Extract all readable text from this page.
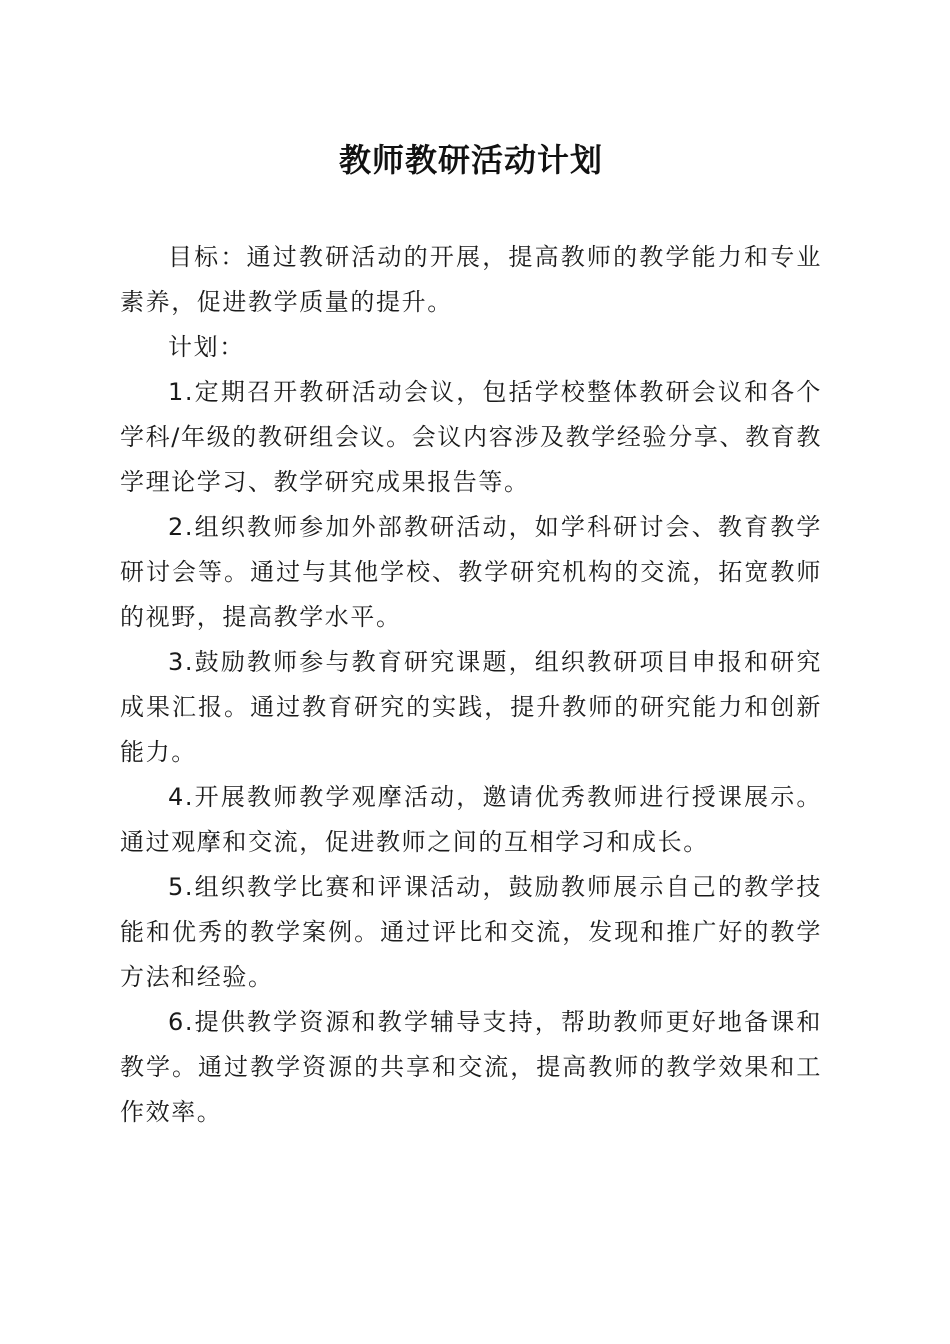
教师教研活动计划

目标：通过教研活动的开展，提高教师的教学能力和专业素养，促进教学质量的提升。

计划：

1.定期召开教研活动会议，包括学校整体教研会议和各个学科/年级的教研组会议。会议内容涉及教学经验分享、教育教学理论学习、教学研究成果报告等。

2.组织教师参加外部教研活动，如学科研讨会、教育教学研讨会等。通过与其他学校、教学研究机构的交流，拓宽教师的视野，提高教学水平。

3.鼓励教师参与教育研究课题，组织教研项目申报和研究成果汇报。通过教育研究的实践，提升教师的研究能力和创新能力。

4.开展教师教学观摩活动，邀请优秀教师进行授课展示。通过观摩和交流，促进教师之间的互相学习和成长。

5.组织教学比赛和评课活动，鼓励教师展示自己的教学技能和优秀的教学案例。通过评比和交流，发现和推广好的教学方法和经验。

6.提供教学资源和教学辅导支持，帮助教师更好地备课和教学。通过教学资源的共享和交流，提高教师的教学效果和工作效率。
